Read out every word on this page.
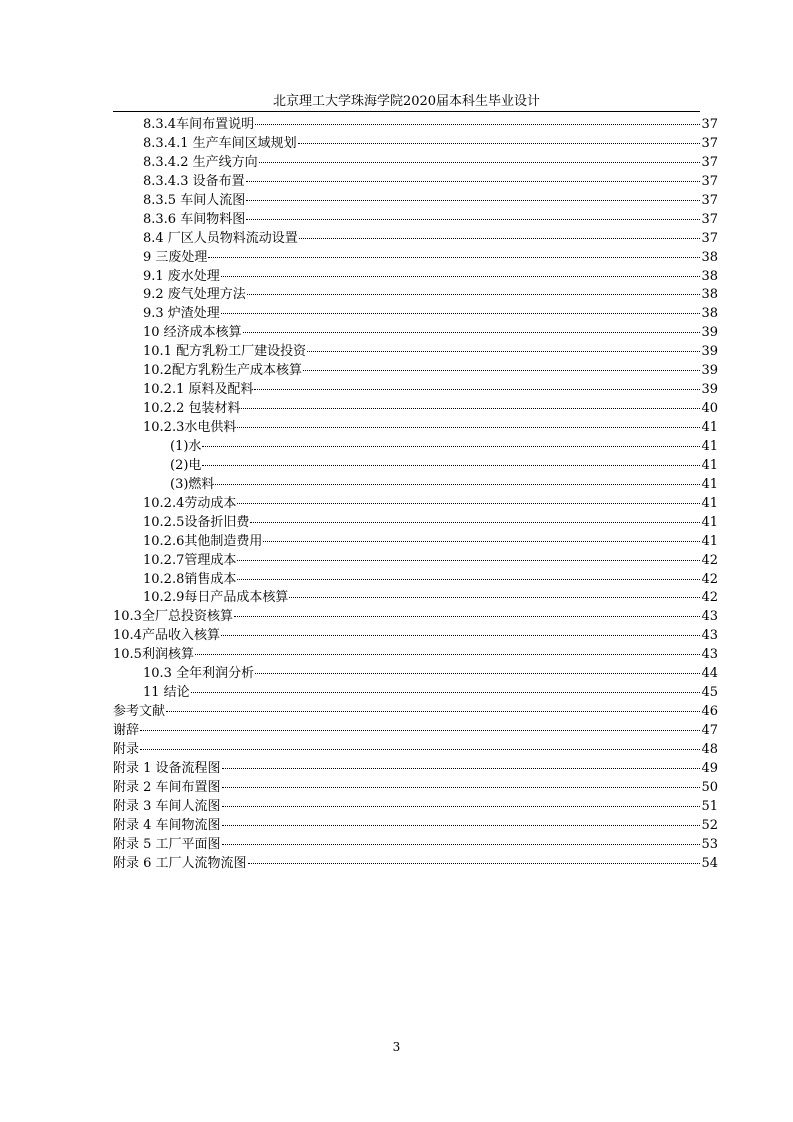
北京理工大学珠海学院2020届本科生毕业设计
8.3.4车间布置说明	37
8.3.4.1 生产车间区域规划	37
8.3.4.2 生产线方向	37
8.3.4.3 设备布置	37
8.3.5 车间人流图	37
8.3.6 车间物料图	37
8.4 厂区人员物料流动设置	37
9 三废处理	38
9.1 废水处理	38
9.2 废气处理方法	38
9.3 炉渣处理	38
10 经济成本核算	39
10.1 配方乳粉工厂建设投资	39
10.2配方乳粉生产成本核算	39
10.2.1 原料及配料	39
10.2.2 包装材料	40
10.2.3水电供料	41
(1)水	41
(2)电	41
(3)燃料	41
10.2.4劳动成本	41
10.2.5设备折旧费	41
10.2.6其他制造费用	41
10.2.7管理成本	42
10.2.8销售成本	42
10.2.9每日产品成本核算	42
10.3全厂总投资核算	43
10.4产品收入核算	43
10.5利润核算	43
10.3 全年利润分析	44
11 结论	45
参考文献	46
谢辞	47
附录	48
附录 1 设备流程图	49
附录 2 车间布置图	50
附录 3 车间人流图	51
附录 4 车间物流图	52
附录 5 工厂平面图	53
附录 6 工厂人流物流图	54
3
